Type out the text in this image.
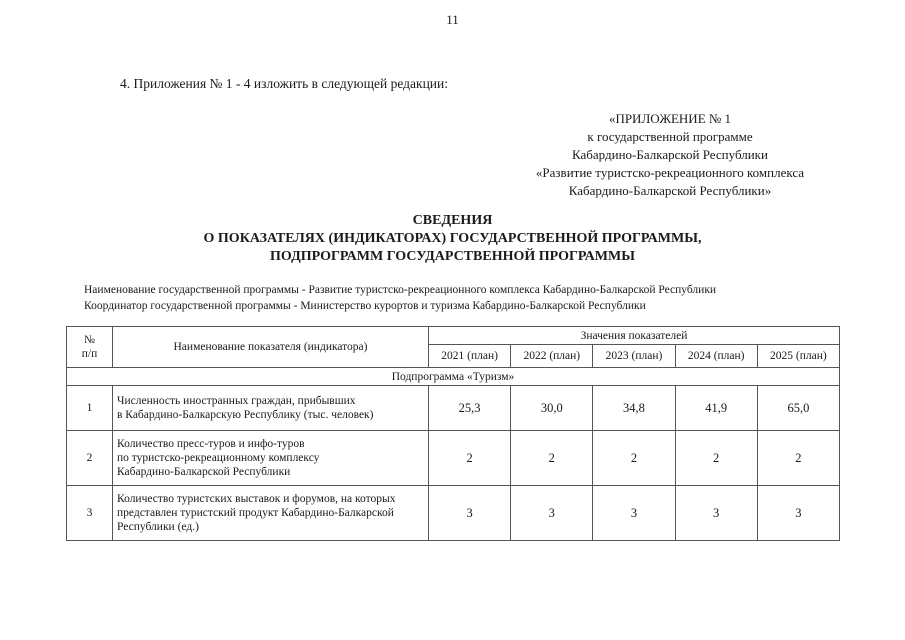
11
4. Приложения № 1 - 4 изложить в следующей редакции:
«ПРИЛОЖЕНИЕ № 1
к государственной программе
Кабардино-Балкарской Республики
«Развитие туристско-рекреационного комплекса
Кабардино-Балкарской Республики»
СВЕДЕНИЯ
О ПОКАЗАТЕЛЯХ (ИНДИКАТОРАХ) ГОСУДАРСТВЕННОЙ ПРОГРАММЫ,
ПОДПРОГРАММ ГОСУДАРСТВЕННОЙ ПРОГРАММЫ
Наименование государственной программы - Развитие туристско-рекреационного комплекса Кабардино-Балкарской Республики
Координатор государственной программы - Министерство курортов и туризма Кабардино-Балкарской Республики
№
п/п	Наименование показателя (индикатора)	Значения показателей				
		2021 (план)	2022 (план)	2023 (план)	2024 (план)	2025 (план)
Подпрограмма «Туризм»						
1	Численность иностранных граждан, прибывших
в Кабардино-Балкарскую Республику (тыс. человек)	25,3	30,0	34,8	41,9	65,0
2	Количество пресс-туров и инфо-туров
по туристско-рекреационному комплексу
Кабардино-Балкарской Республики	2	2	2	2	2
3	Количество туристских выставок и форумов, на которых
представлен туристский продукт Кабардино-Балкарской
Республики (ед.)	3	3	3	3	3
